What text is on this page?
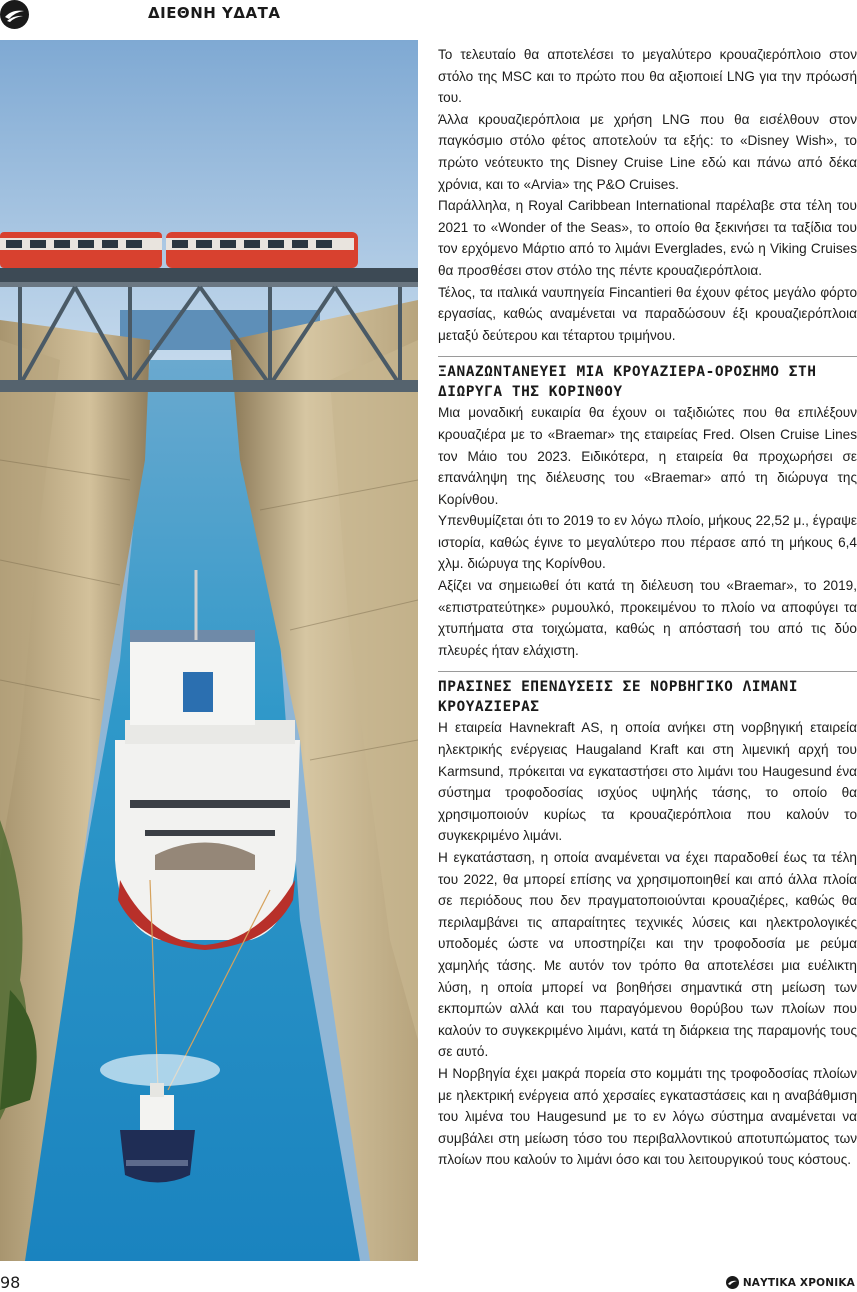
ΔΙΕΘΝΗ ΥΔΑΤΑ

Το τελευταίο θα αποτελέσει το μεγαλύτερο κρουαζιερόπλοιο στον στόλο της MSC και το πρώτο που θα αξιοποιεί LNG για την πρόωσή του.

Άλλα κρουαζιερόπλοια με χρήση LNG που θα εισέλθουν στον παγκόσμιο στόλο φέτος αποτελούν τα εξής: το «Disney Wish», το πρώτο νεότευκτο της Disney Cruise Line εδώ και πάνω από δέκα χρόνια, και το «Arvia» της P&O Cruises.

Παράλληλα, η Royal Caribbean International παρέλαβε στα τέλη του 2021 το «Wonder of the Seas», το οποίο θα ξεκινήσει τα ταξίδια του τον ερχόμενο Μάρτιο από το λιμάνι Everglades, ενώ η Viking Cruises θα προσθέσει στον στόλο της πέντε κρουαζιερόπλοια.

Τέλος, τα ιταλικά ναυπηγεία Fincantieri θα έχουν φέτος μεγάλο φόρτο εργασίας, καθώς αναμένεται να παραδώσουν έξι κρουαζιερόπλοια μεταξύ δεύτερου και τέταρτου τριμήνου.

ΞΑΝΑΖΩΝΤΑΝΕΥΕΙ ΜΙΑ ΚΡΟΥΑΖΙΕΡΑ-ΟΡΟΣΗΜΟ ΣΤΗ ΔΙΩΡΥΓΑ ΤΗΣ ΚΟΡΙΝΘΟΥ

Μια μοναδική ευκαιρία θα έχουν οι ταξιδιώτες που θα επιλέξουν κρουαζιέρα με το «Braemar» της εταιρείας Fred. Olsen Cruise Lines τον Μάιο του 2023. Ειδικότερα, η εταιρεία θα προχωρήσει σε επανάληψη της διέλευσης του «Braemar» από τη διώρυγα της Κορίνθου.

Υπενθυμίζεται ότι το 2019 το εν λόγω πλοίο, μήκους 22,52 μ., έγραψε ιστορία, καθώς έγινε το μεγαλύτερο που πέρασε από τη μήκους 6,4 χλμ. διώρυγα της Κορίνθου.

Αξίζει να σημειωθεί ότι κατά τη διέλευση του «Braemar», το 2019, «επιστρατεύτηκε» ρυμουλκό, προκειμένου το πλοίο να αποφύγει τα χτυπήματα στα τοιχώματα, καθώς η απόστασή του από τις δύο πλευρές ήταν ελάχιστη.

ΠΡΑΣΙΝΕΣ ΕΠΕΝΔΥΣΕΙΣ ΣΕ ΝΟΡΒΗΓΙΚΟ ΛΙΜΑΝΙ ΚΡΟΥΑΖΙΕΡΑΣ

Η εταιρεία Havnekraft AS, η οποία ανήκει στη νορβηγική εταιρεία ηλεκτρικής ενέργειας Haugaland Kraft και στη λιμενική αρχή του Karmsund, πρόκειται να εγκαταστήσει στο λιμάνι του Haugesund ένα σύστημα τροφοδοσίας ισχύος υψηλής τάσης, το οποίο θα χρησιμοποιούν κυρίως τα κρουαζιερόπλοια που καλούν το συγκεκριμένο λιμάνι.

Η εγκατάσταση, η οποία αναμένεται να έχει παραδοθεί έως τα τέλη του 2022, θα μπορεί επίσης να χρησιμοποιηθεί και από άλλα πλοία σε περιόδους που δεν πραγματοποιούνται κρουαζιέρες, καθώς θα περιλαμβάνει τις απαραίτητες τεχνικές λύσεις και ηλεκτρολογικές υποδομές ώστε να υποστηρίζει και την τροφοδοσία με ρεύμα χαμηλής τάσης. Με αυτόν τον τρόπο θα αποτελέσει μια ευέλικτη λύση, η οποία μπορεί να βοηθήσει σημαντικά στη μείωση των εκπομπών αλλά και του παραγόμενου θορύβου των πλοίων που καλούν το συγκεκριμένο λιμάνι, κατά τη διάρκεια της παραμονής τους σε αυτό.

Η Νορβηγία έχει μακρά πορεία στο κομμάτι της τροφοδοσίας πλοίων με ηλεκτρική ενέργεια από χερσαίες εγκαταστάσεις και η αναβάθμιση του λιμένα του Haugesund με το εν λόγω σύστημα αναμένεται να συμβάλει στη μείωση τόσο του περιβαλλοντικού αποτυπώματος των πλοίων που καλούν το λιμάνι όσο και του λειτουργικού τους κόστους.

98	ΝΑΥΤΙΚΑ ΧΡΟΝΙΚΑ
